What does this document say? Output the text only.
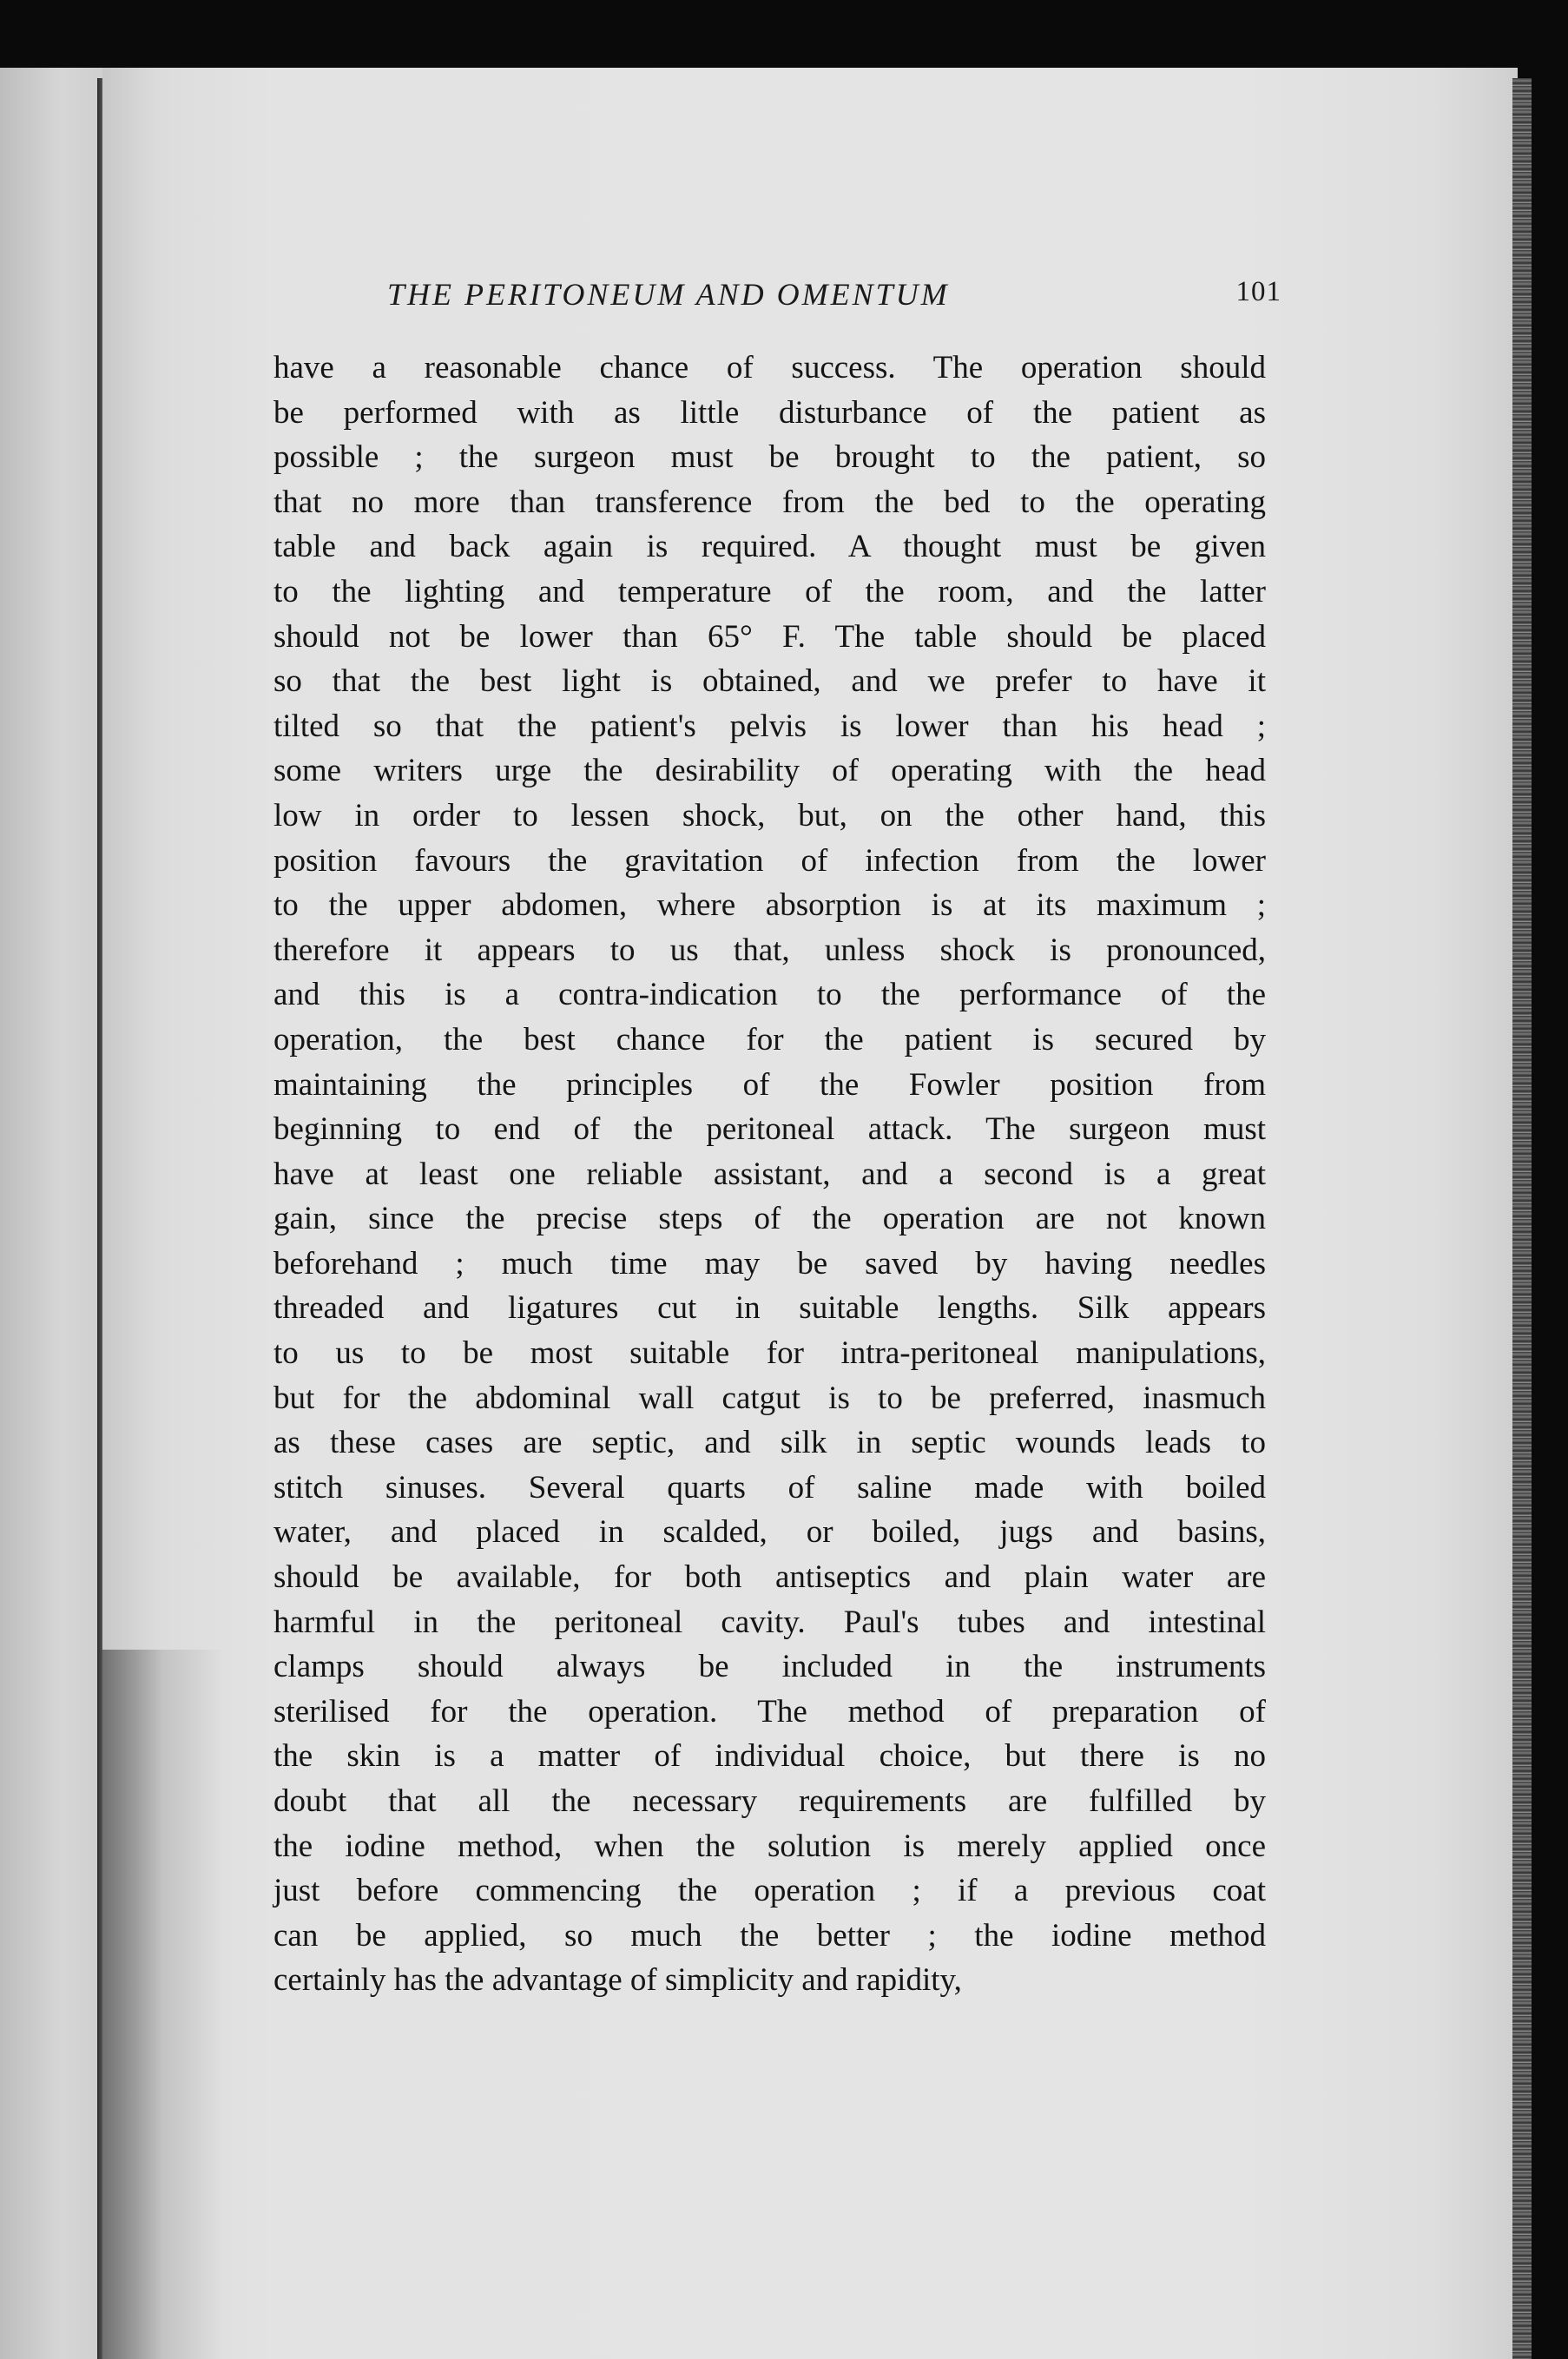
THE PERITONEUM AND OMENTUM	101
have a reasonable chance of success. The operation should
be performed with as little disturbance of the patient as
possible ; the surgeon must be brought to the patient, so
that no more than transference from the bed to the operating
table and back again is required. A thought must be given
to the lighting and temperature of the room, and the latter
should not be lower than 65° F. The table should be placed
so that the best light is obtained, and we prefer to have it
tilted so that the patient's pelvis is lower than his head ;
some writers urge the desirability of operating with the head
low in order to lessen shock, but, on the other hand, this
position favours the gravitation of infection from the lower
to the upper abdomen, where absorption is at its maximum ;
therefore it appears to us that, unless shock is pronounced,
and this is a contra-indication to the performance of the
operation, the best chance for the patient is secured by
maintaining the principles of the Fowler position from
beginning to end of the peritoneal attack. The surgeon must
have at least one reliable assistant, and a second is a great
gain, since the precise steps of the operation are not known
beforehand ; much time may be saved by having needles
threaded and ligatures cut in suitable lengths. Silk appears
to us to be most suitable for intra-peritoneal manipulations,
but for the abdominal wall catgut is to be preferred, inasmuch
as these cases are septic, and silk in septic wounds leads to
stitch sinuses. Several quarts of saline made with boiled
water, and placed in scalded, or boiled, jugs and basins,
should be available, for both antiseptics and plain water are
harmful in the peritoneal cavity. Paul's tubes and intestinal
clamps should always be included in the instruments
sterilised for the operation. The method of preparation of
the skin is a matter of individual choice, but there is no
doubt that all the necessary requirements are fulfilled by
the iodine method, when the solution is merely applied once
just before commencing the operation ; if a previous coat
can be applied, so much the better ; the iodine method
certainly has the advantage of simplicity and rapidity,
